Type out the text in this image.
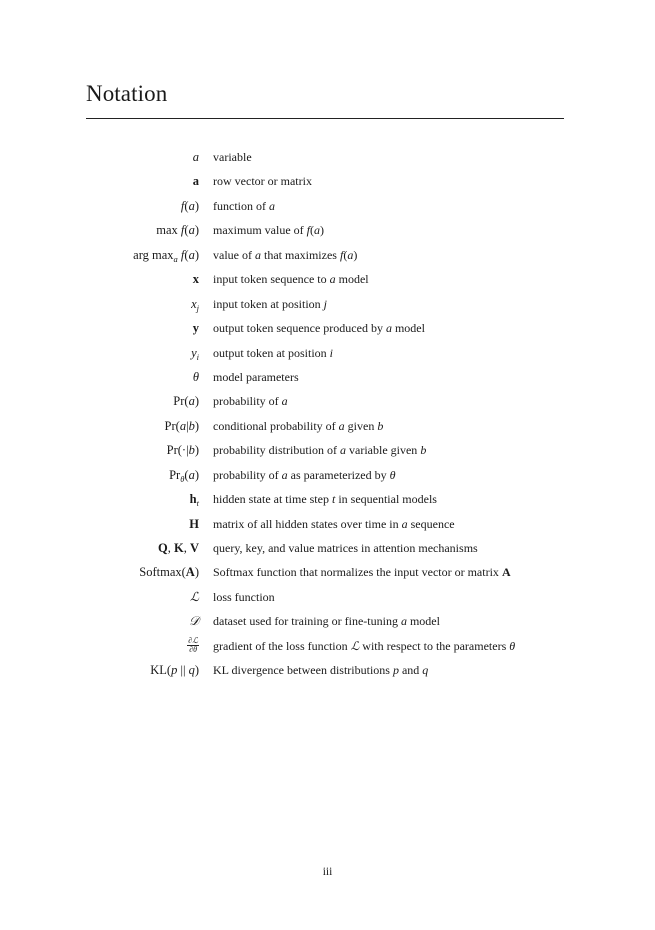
Notation
a variable
a row vector or matrix
f(a) function of a
max f(a) maximum value of f(a)
arg $\max_a f(a)$ value of a that maximizes f(a)
x input token sequence to a model
$x_j$ input token at position j
y output token sequence produced by a model
$y_i$ output token at position i
θ model parameters
Pr(a) probability of a
Pr(a|b) conditional probability of a given b
Pr(·|b) probability distribution of a variable given b
$Pr_\theta(a)$ probability of a as parameterized by θ
$h_t$ hidden state at time step t in sequential models
H matrix of all hidden states over time in a sequence
Q, K, V query, key, and value matrices in attention mechanisms
Softmax(A) Softmax function that normalizes the input vector or matrix A
ℒ loss function
𝒟 dataset used for training or fine-tuning a model
$\frac{\text{∂ℒ}}{\partial\theta}$ gradient of the loss function ℒ with respect to the parameters θ
KL(p || q) KL divergence between distributions p and q
iii
